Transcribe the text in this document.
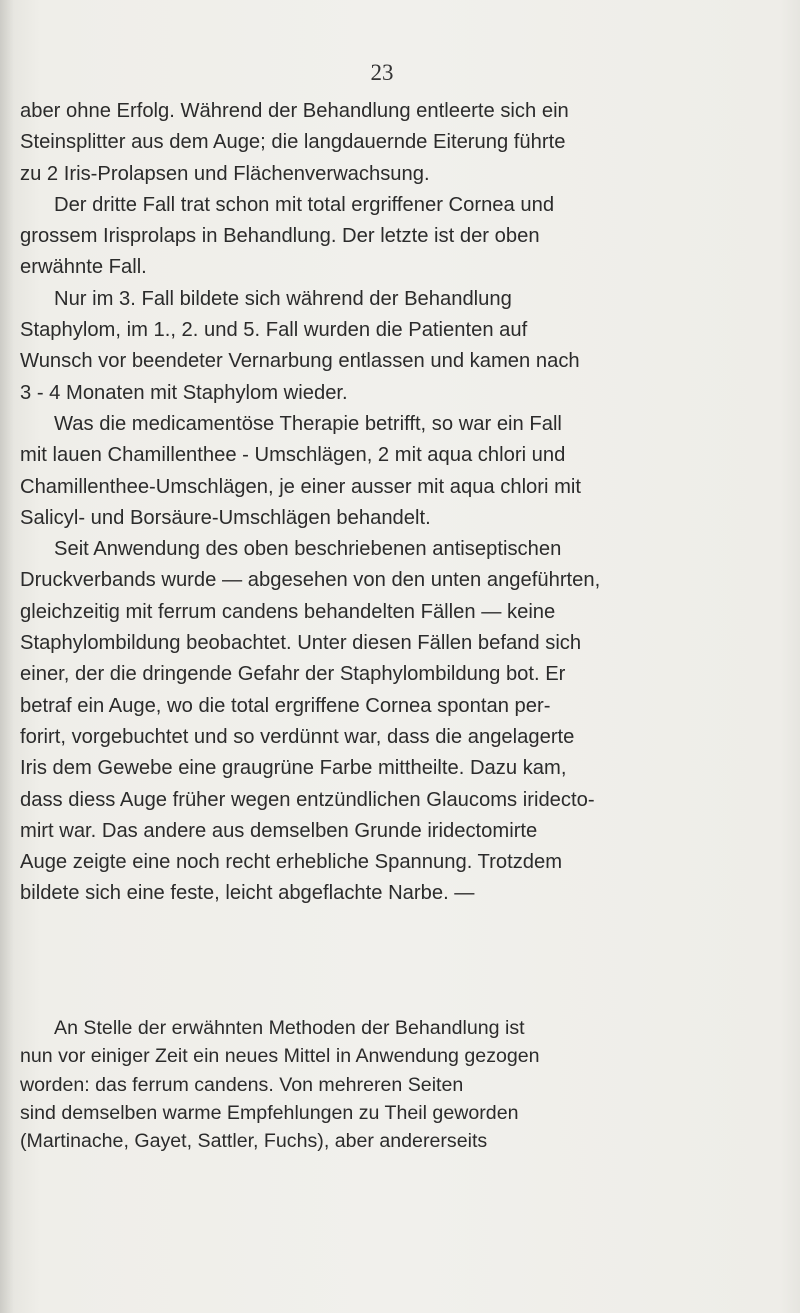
23

aber ohne Erfolg. Während der Behandlung entleerte sich ein
Steinsplitter aus dem Auge; die langdauernde Eiterung führte
zu 2 Iris-Prolapsen und Flächenverwachsung.

Der dritte Fall trat schon mit total ergriffener Cornea und
grossem Irisprolaps in Behandlung. Der letzte ist der oben
erwähnte Fall.

Nur im 3. Fall bildete sich während der Behandlung
Staphylom, im 1., 2. und 5. Fall wurden die Patienten auf
Wunsch vor beendeter Vernarbung entlassen und kamen nach
3 - 4 Monaten mit Staphylom wieder.

Was die medicamentöse Therapie betrifft, so war ein Fall
mit lauen Chamillenthee - Umschlägen, 2 mit aqua chlori und
Chamillenthee-Umschlägen, je einer ausser mit aqua chlori mit
Salicyl- und Borsäure-Umschlägen behandelt.

Seit Anwendung des oben beschriebenen antiseptischen
Druckverbands wurde — abgesehen von den unten angeführten,
gleichzeitig mit ferrum candens behandelten Fällen — keine
Staphylombildung beobachtet. Unter diesen Fällen befand sich
einer, der die dringende Gefahr der Staphylombildung bot. Er
betraf ein Auge, wo die total ergriffene Cornea spontan per-
forirt, vorgebuchtet und so verdünnt war, dass die angelagerte
Iris dem Gewebe eine graugrüne Farbe mittheilte. Dazu kam,
dass diess Auge früher wegen entzündlichen Glaucoms iridecto-
mirt war. Das andere aus demselben Grunde iridectomirte
Auge zeigte eine noch recht erhebliche Spannung. Trotzdem
bildete sich eine feste, leicht abgeflachte Narbe. —

An Stelle der erwähnten Methoden der Behandlung ist
nun vor einiger Zeit ein neues Mittel in Anwendung gezogen
worden: das ferrum candens. Von mehreren Seiten
sind demselben warme Empfehlungen zu Theil geworden
(Martinache, Gayet, Sattler, Fuchs), aber andererseits
